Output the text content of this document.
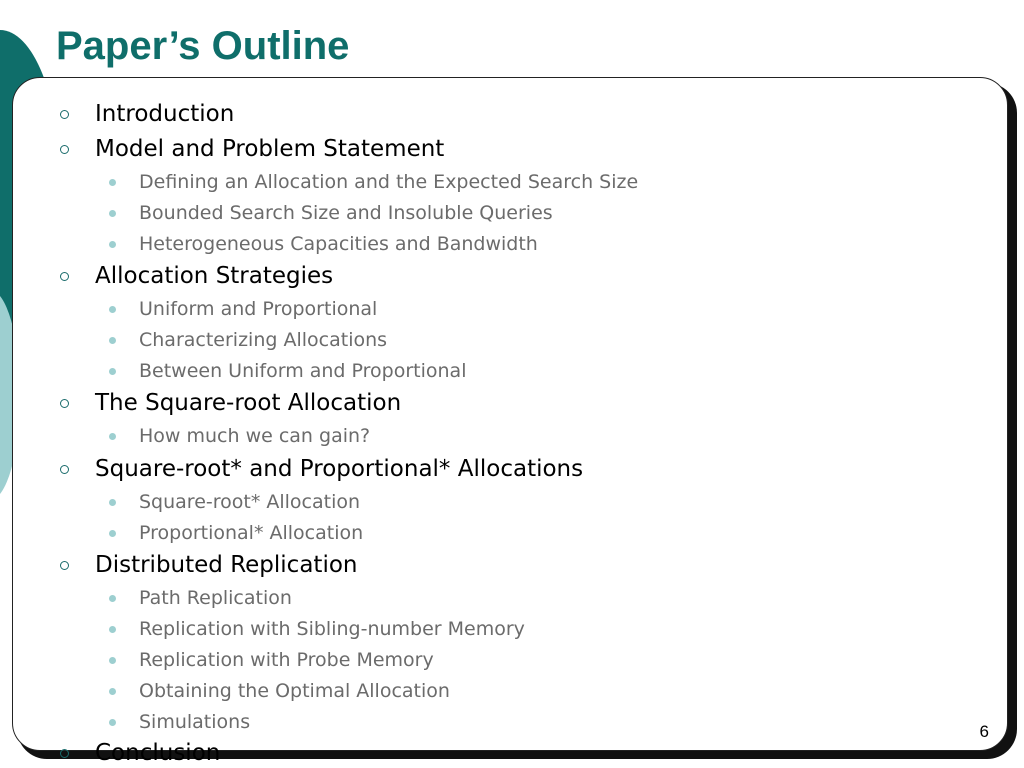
Paper’s Outline
Introduction
Model and Problem Statement
Defining an Allocation and the Expected Search Size
Bounded Search Size and Insoluble Queries
Heterogeneous Capacities and Bandwidth
Allocation Strategies
Uniform and Proportional
Characterizing Allocations
Between Uniform and Proportional
The Square-root Allocation
How much we can gain?
Square-root* and Proportional* Allocations
Square-root* Allocation
Proportional* Allocation
Distributed Replication
Path Replication
Replication with Sibling-number Memory
Replication with Probe Memory
Obtaining the Optimal Allocation
Simulations
Conclusion
6
